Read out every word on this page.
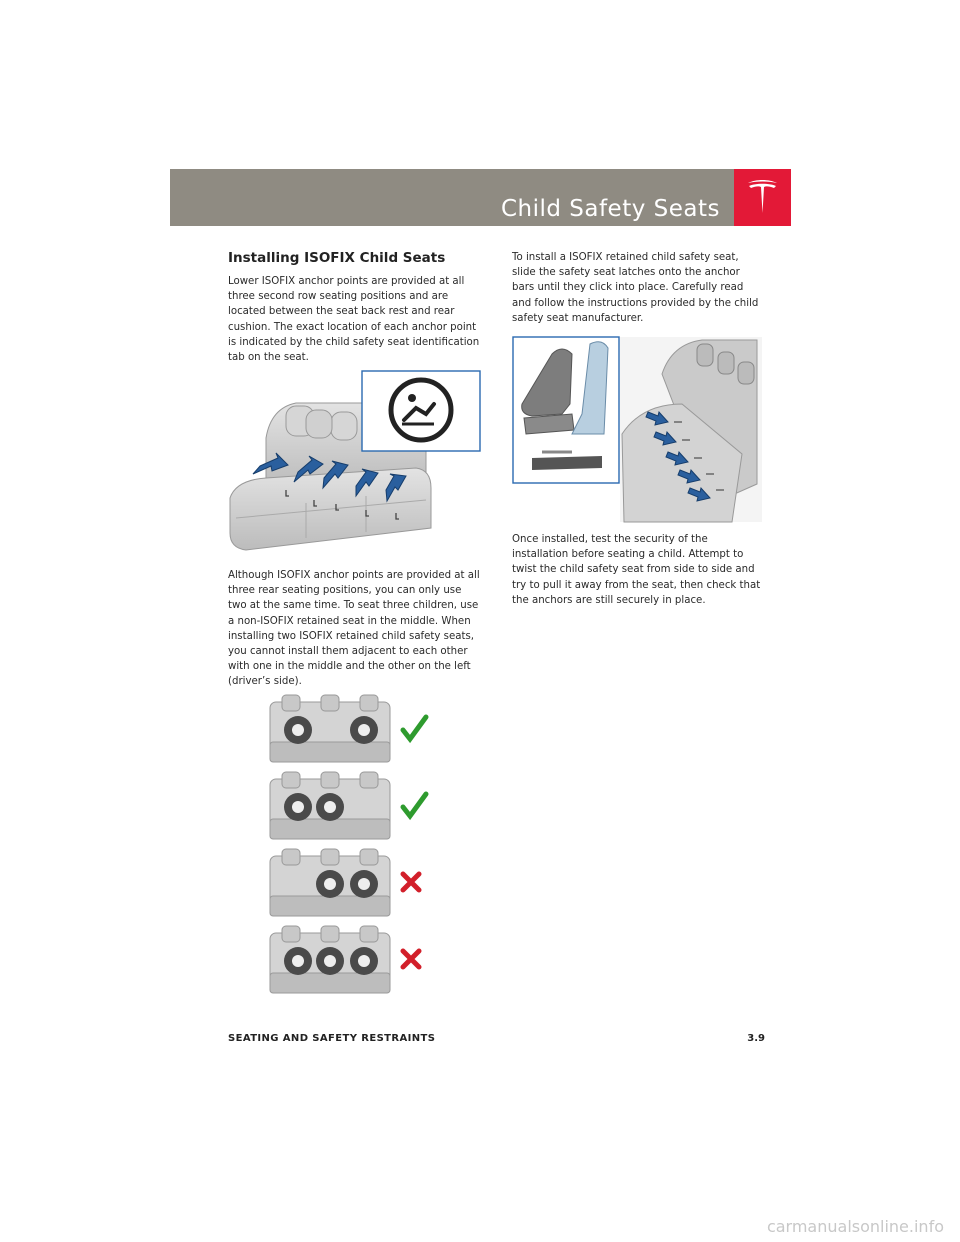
Child Safety Seats
Installing ISOFIX Child Seats

Lower ISOFIX anchor points are provided at all three second row seating positions and are located between the seat back rest and rear cushion. The exact location of each anchor point is indicated by the child safety seat identification tab on the seat.

Although ISOFIX anchor points are provided at all three rear seating positions, you can only use two at the same time. To seat three children, use a non-ISOFIX retained seat in the middle. When installing two ISOFIX retained child safety seats, you cannot install them adjacent to each other with one in the middle and the other on the left (driver’s side).

To install a ISOFIX retained child safety seat, slide the safety seat latches onto the anchor bars until they click into place. Carefully read and follow the instructions provided by the child safety seat manufacturer.

Once installed, test the security of the installation before seating a child. Attempt to twist the child safety seat from side to side and try to pull it away from the seat, then check that the anchors are still securely in place.

SEATING AND SAFETY RESTRAINTS	3.9
carmanualsonline.info
